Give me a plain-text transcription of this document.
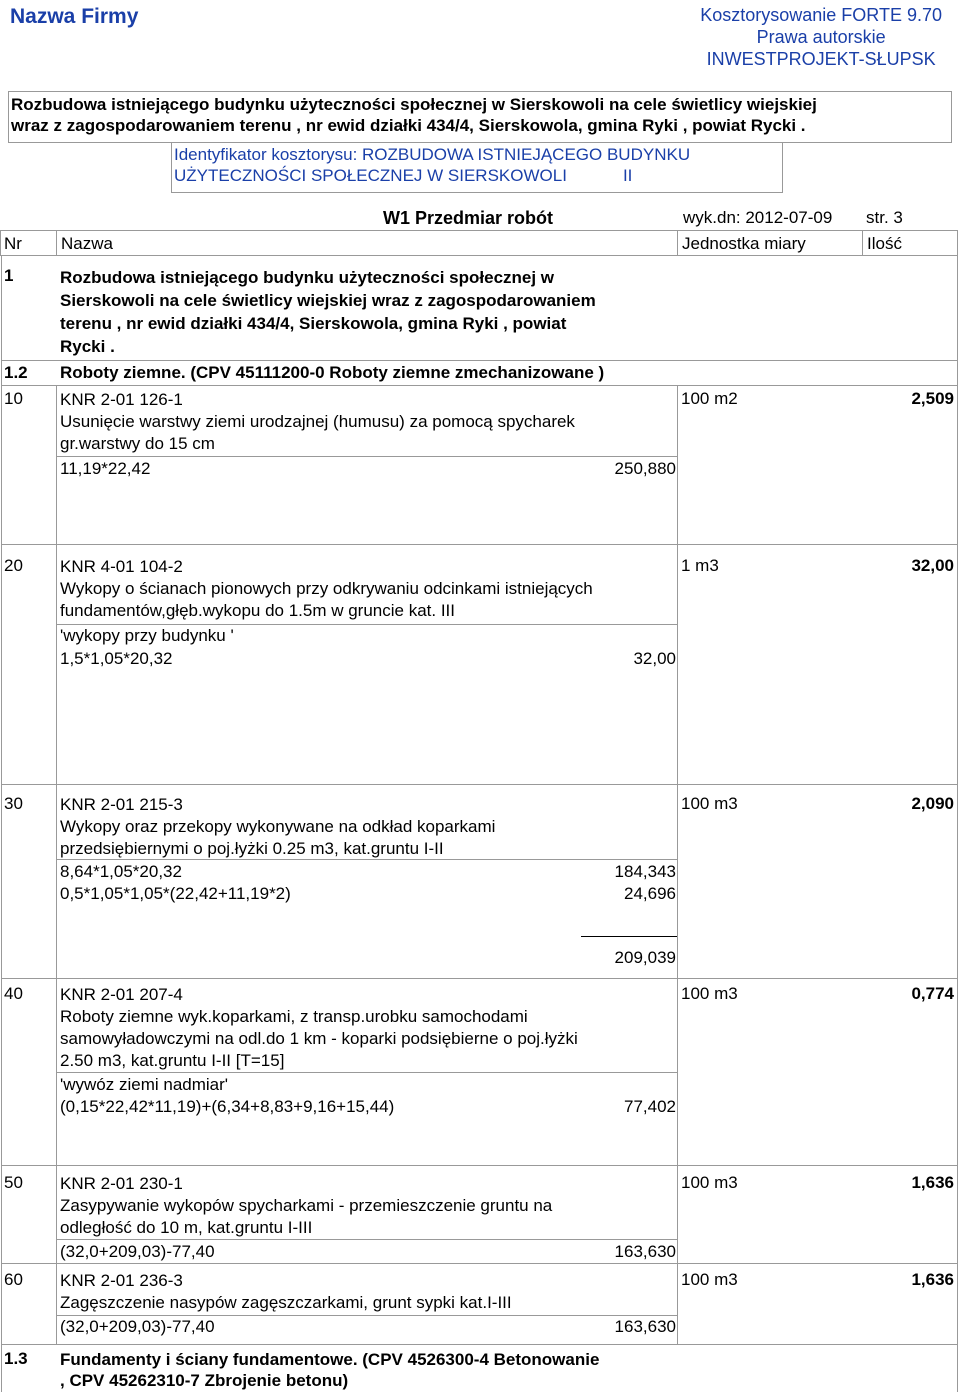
Nazwa Firmy	Kosztorysowanie FORTE 9.70
Prawa autorskie
INWESTPROJEKT-SŁUPSK
Rozbudowa istniejącego budynku użyteczności społecznej w Sierskowoli na cele świetlicy wiejskiej
wraz z zagospodarowaniem terenu , nr ewid działki 434/4, Sierskowola, gmina Ryki , powiat Rycki .
Identyfikator kosztorysu: ROZBUDOWA ISTNIEJĄCEGO BUDYNKU
UŻYTECZNOŚCI SPOŁECZNEJ W SIERSKOWOLI	II
W1 Przedmiar robót	wyk.dn: 2012-07-09 str. 3
Nr Nazwa	Jednostka miary	Ilość
1	Rozbudowa istniejącego budynku użyteczności społecznej w
Sierskowoli na cele świetlicy wiejskiej wraz z zagospodarowaniem
terenu , nr ewid działki 434/4, Sierskowola, gmina Ryki , powiat
Rycki .
1.2 Roboty ziemne. (CPV 45111200-0 Roboty ziemne zmechanizowane )
10 KNR 2-01 126-1
Usunięcie warstwy ziemi urodzajnej (humusu) za pomocą spycharek
gr.warstwy do 15 cm
11,19*22,42	250,880
100 m2	2,509
20 KNR 4-01 104-2
Wykopy o ścianach pionowych przy odkrywaniu odcinkami istniejących
fundamentów,głęb.wykopu do 1.5m w gruncie kat. III
'wykopy przy budynku '
1,5*1,05*20,32	32,00
1 m3	32,00
30 KNR 2-01 215-3
Wykopy oraz przekopy wykonywane na odkład koparkami
przedsiębiernymi o poj.łyżki 0.25 m3, kat.gruntu I-II
8,64*1,05*20,32	184,343
0,5*1,05*1,05*(22,42+11,19*2)	24,696
209,039
100 m3	2,090
40 KNR 2-01 207-4
Roboty ziemne wyk.koparkami, z transp.urobku samochodami
samowyładowczymi na odl.do 1 km - koparki podsiębierne o poj.łyżki
2.50 m3, kat.gruntu I-II [T=15]
'wywóz ziemi nadmiar'
(0,15*22,42*11,19)+(6,34+8,83+9,16+15,44)	77,402
100 m3	0,774
50 KNR 2-01 230-1
Zasypywanie wykopów spycharkami - przemieszczenie gruntu na
odległość do 10 m, kat.gruntu I-III
(32,0+209,03)-77,40	163,630
100 m3	1,636
60 KNR 2-01 236-3
Zagęszczenie nasypów zagęszczarkami, grunt sypki kat.I-III
(32,0+209,03)-77,40	163,630
100 m3	1,636
1.3 Fundamenty i ściany fundamentowe. (CPV 4526300-4 Betonowanie
, CPV 45262310-7 Zbrojenie betonu)
